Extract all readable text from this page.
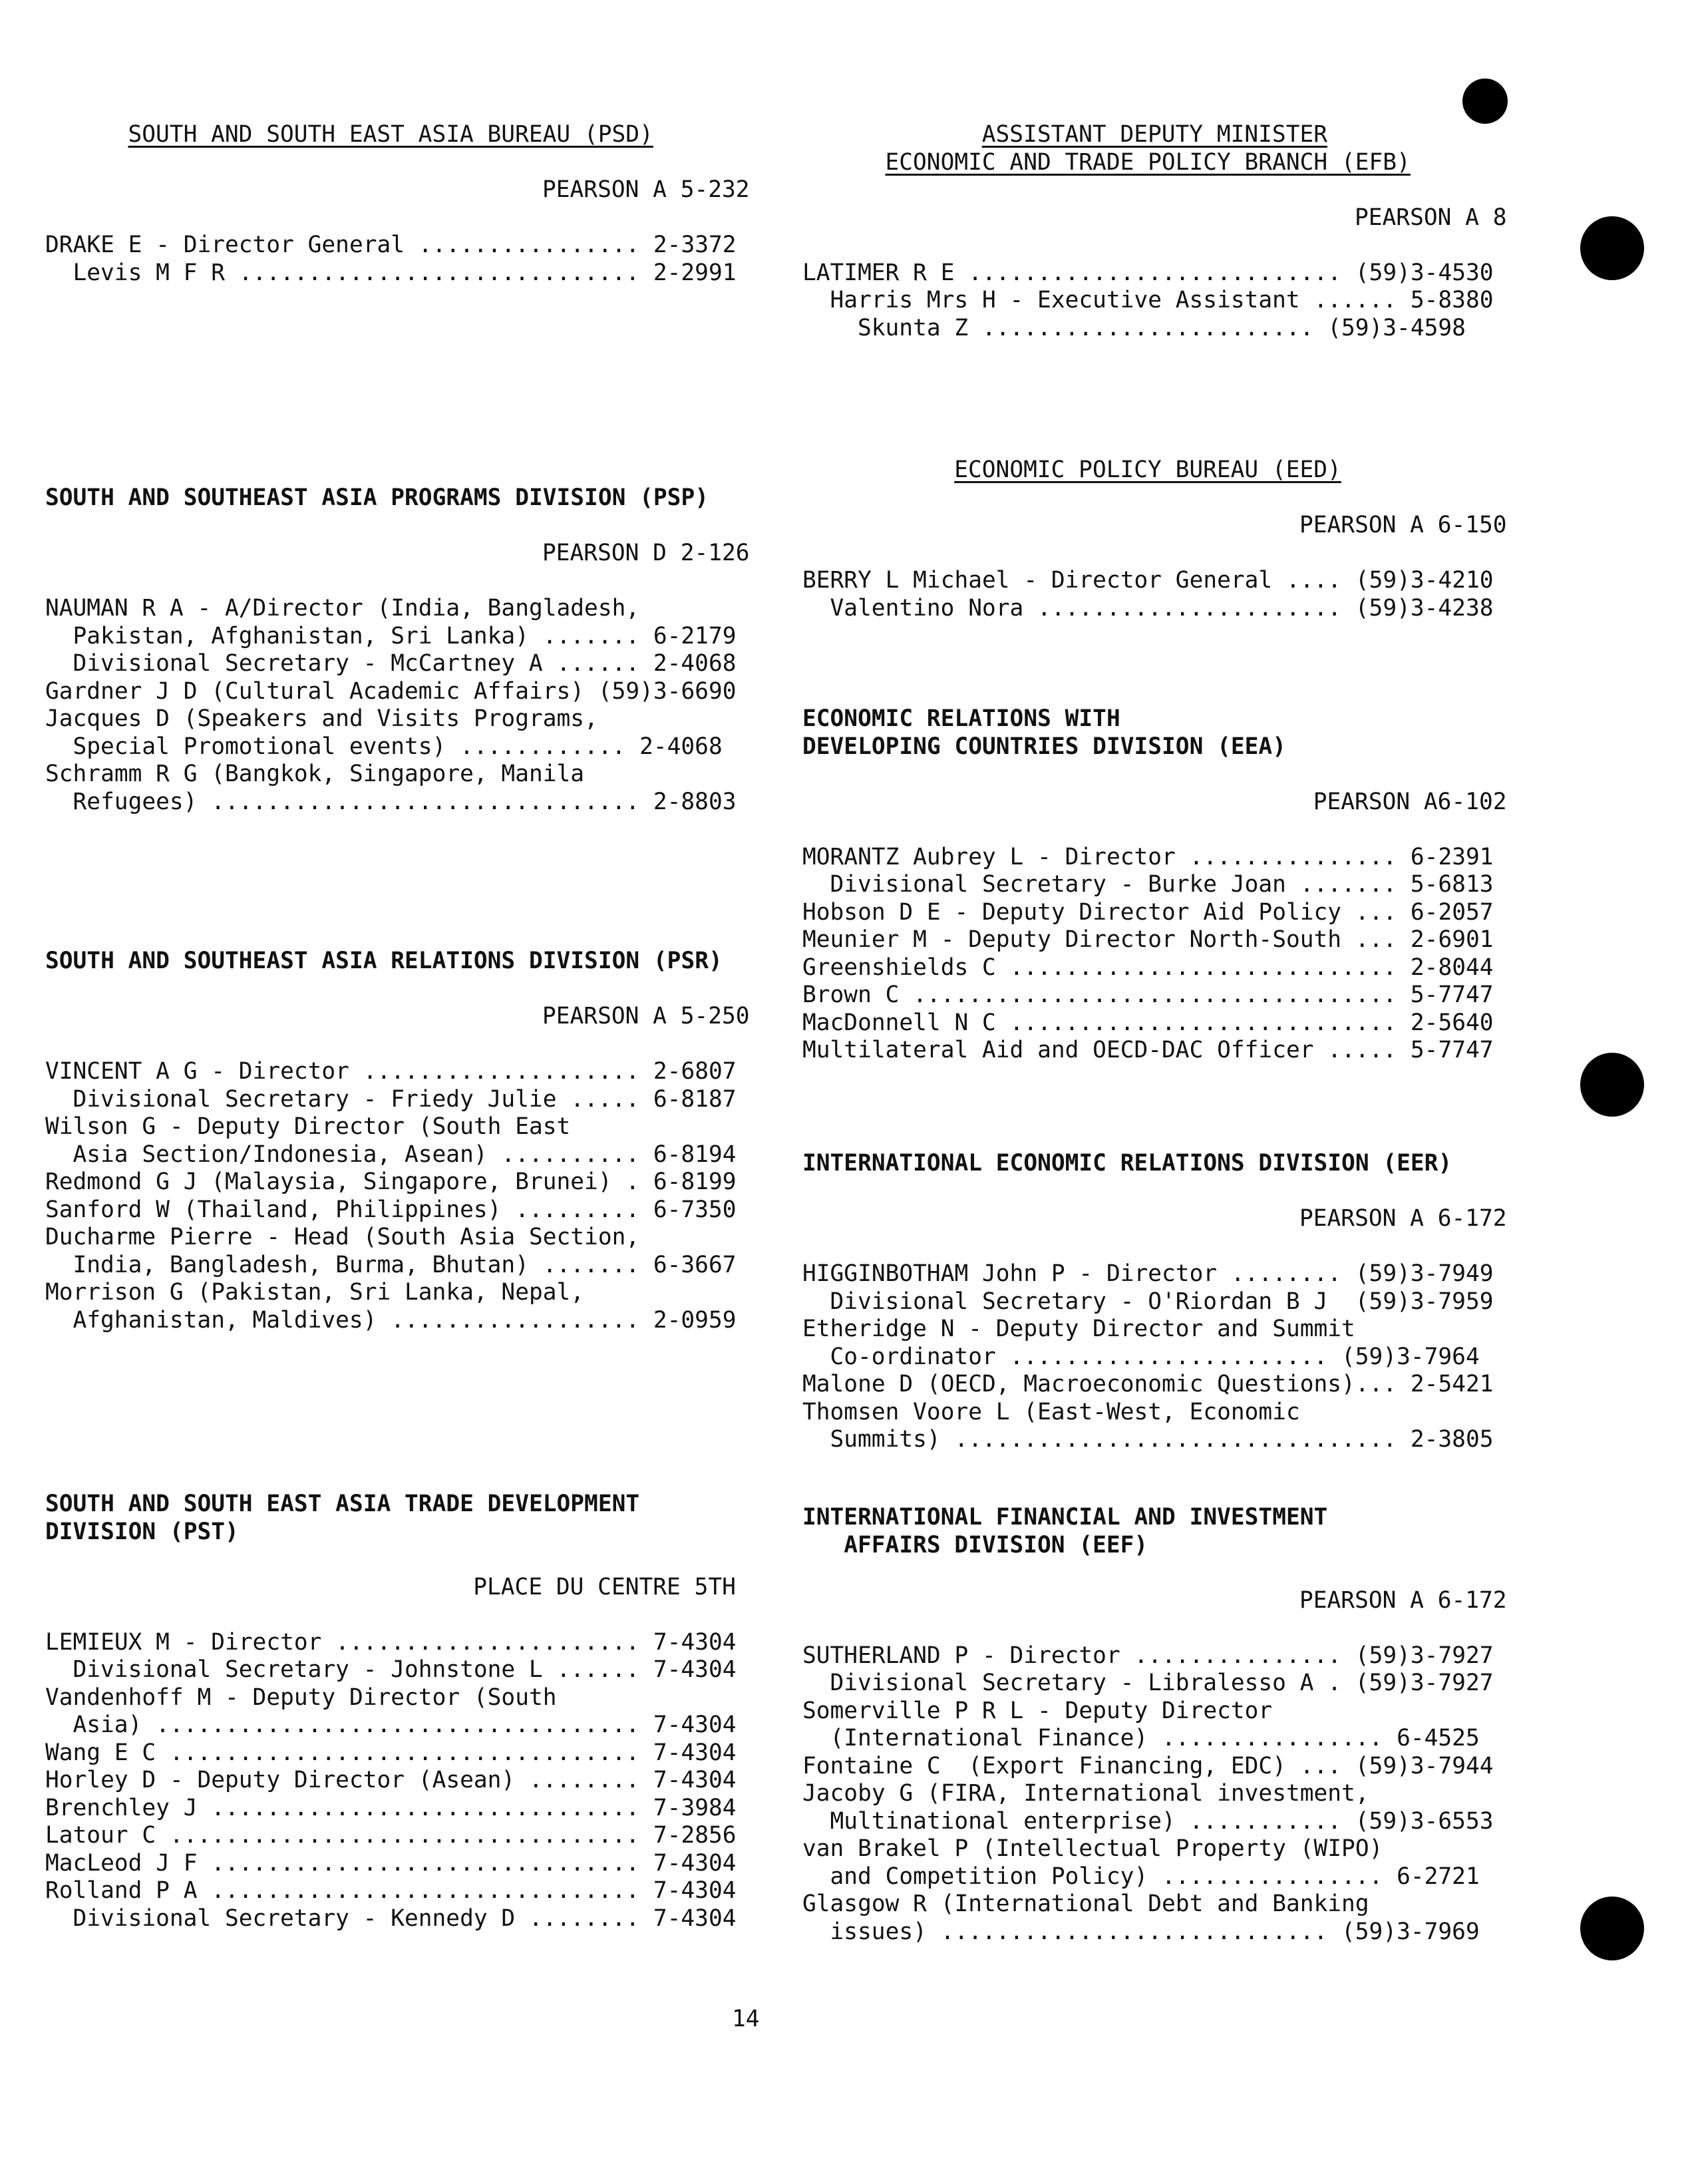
SOUTH AND SOUTH EAST ASIA BUREAU (PSD)
PEARSON A 5-232
DRAKE E - Director General ................ 2-3372
Levis M F R ............................. 2-2991
SOUTH AND SOUTHEAST ASIA PROGRAMS DIVISION (PSP)
PEARSON D 2-126
NAUMAN R A - A/Director (India, Bangladesh,
Pakistan, Afghanistan, Sri Lanka) ....... 6-2179
Divisional Secretary - McCartney A ...... 2-4068
Gardner J D (Cultural Academic Affairs) (59)3-6690
Jacques D (Speakers and Visits Programs,
Special Promotional events) ............ 2-4068
Schramm R G (Bangkok, Singapore, Manila
Refugees) ............................... 2-8803
SOUTH AND SOUTHEAST ASIA RELATIONS DIVISION (PSR)
PEARSON A 5-250
VINCENT A G - Director .................... 2-6807
Divisional Secretary - Friedy Julie ..... 6-8187
Wilson G - Deputy Director (South East
Asia Section/Indonesia, Asean) .......... 6-8194
Redmond G J (Malaysia, Singapore, Brunei) . 6-8199
Sanford W (Thailand, Philippines) ......... 6-7350
Ducharme Pierre - Head (South Asia Section,
India, Bangladesh, Burma, Bhutan) ....... 6-3667
Morrison G (Pakistan, Sri Lanka, Nepal,
Afghanistan, Maldives) .................. 2-0959
SOUTH AND SOUTH EAST ASIA TRADE DEVELOPMENT
DIVISION (PST)
PLACE DU CENTRE 5TH
LEMIEUX M - Director ...................... 7-4304
Divisional Secretary - Johnstone L ...... 7-4304
Vandenhoff M - Deputy Director (South
Asia) ................................... 7-4304
Wang E C .................................. 7-4304
Horley D - Deputy Director (Asean) ........ 7-4304
Brenchley J ............................... 7-3984
Latour C .................................. 7-2856
MacLeod J F ............................... 7-4304
Rolland P A ............................... 7-4304
Divisional Secretary - Kennedy D ........ 7-4304
ASSISTANT DEPUTY MINISTER
ECONOMIC AND TRADE POLICY BRANCH (EFB)
PEARSON A 8
LATIMER R E ........................... (59)3-4530
Harris Mrs H - Executive Assistant ...... 5-8380
Skunta Z ........................ (59)3-4598
ECONOMIC POLICY BUREAU (EED)
PEARSON A 6-150
BERRY L Michael - Director General .... (59)3-4210
Valentino Nora ...................... (59)3-4238
ECONOMIC RELATIONS WITH
DEVELOPING COUNTRIES DIVISION (EEA)
PEARSON A6-102
MORANTZ Aubrey L - Director ............... 6-2391
Divisional Secretary - Burke Joan ....... 5-6813
Hobson D E - Deputy Director Aid Policy ... 6-2057
Meunier M - Deputy Director North-South ... 2-6901
Greenshields C ............................ 2-8044
Brown C ................................... 5-7747
MacDonnell N C ............................ 2-5640
Multilateral Aid and OECD-DAC Officer ..... 5-7747
INTERNATIONAL ECONOMIC RELATIONS DIVISION (EER)
PEARSON A 6-172
HIGGINBOTHAM John P - Director ........ (59)3-7949
Divisional Secretary - O'Riordan B J  (59)3-7959
Etheridge N - Deputy Director and Summit
Co-ordinator ....................... (59)3-7964
Malone D (OECD, Macroeconomic Questions)... 2-5421
Thomsen Voore L (East-West, Economic
Summits) ................................ 2-3805
INTERNATIONAL FINANCIAL AND INVESTMENT
AFFAIRS DIVISION (EEF)
PEARSON A 6-172
SUTHERLAND P - Director ............... (59)3-7927
Divisional Secretary - Libralesso A . (59)3-7927
Somerville P R L - Deputy Director
(International Finance) ................ 6-4525
Fontaine C  (Export Financing, EDC) ... (59)3-7944
Jacoby G (FIRA, International investment,
Multinational enterprise) ........... (59)3-6553
van Brakel P (Intellectual Property (WIPO)
and Competition Policy) ................ 6-2721
Glasgow R (International Debt and Banking
issues) ............................ (59)3-7969
14
